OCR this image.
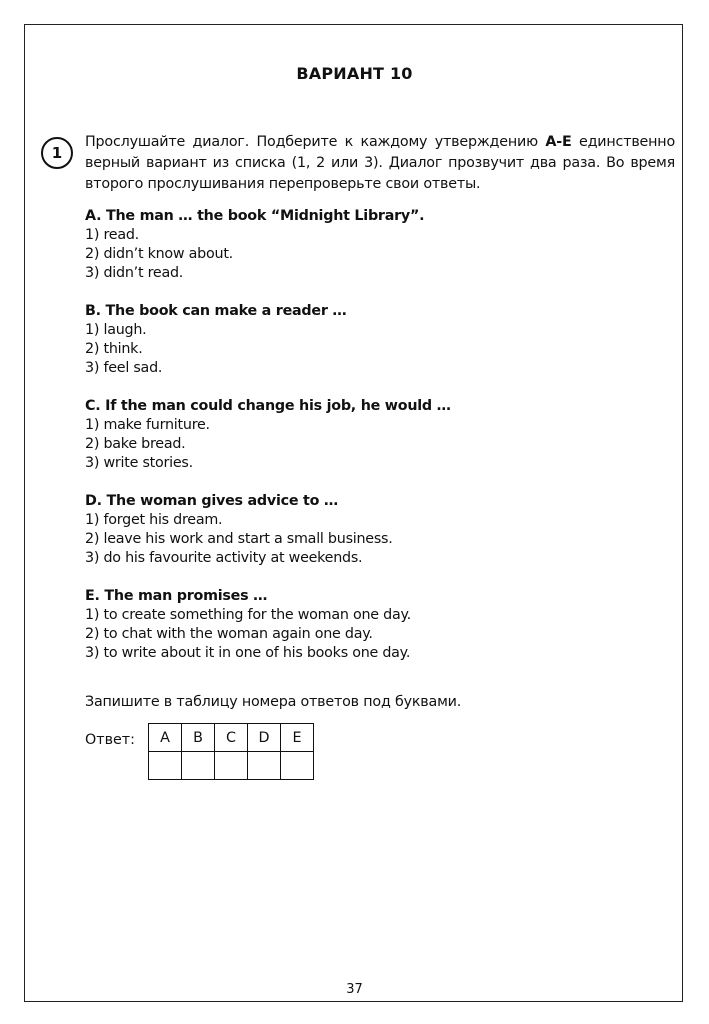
ВАРИАНТ 10
1
Прослушайте диалог. Подберите к каждому утверждению A-E единственно верный вариант из списка (1, 2 или 3). Диалог прозвучит два раза. Во время второго прослушивания перепроверьте свои ответы.
A. The man … the book “Midnight Library”.
1) read.
2) didn’t know about.
3) didn’t read.
B. The book can make a reader …
1) laugh.
2) think.
3) feel sad.
C. If the man could change his job, he would …
1) make furniture.
2) bake bread.
3) write stories.
D. The woman gives advice to …
1) forget his dream.
2) leave his work and start a small business.
3) do his favourite activity at weekends.
E. The man promises …
1) to create something for the woman one day.
2) to chat with the woman again one day.
3) to write about it in one of his books one day.
Запишите в таблицу номера ответов под буквами.
Ответ: A	B	C	D	E

37
